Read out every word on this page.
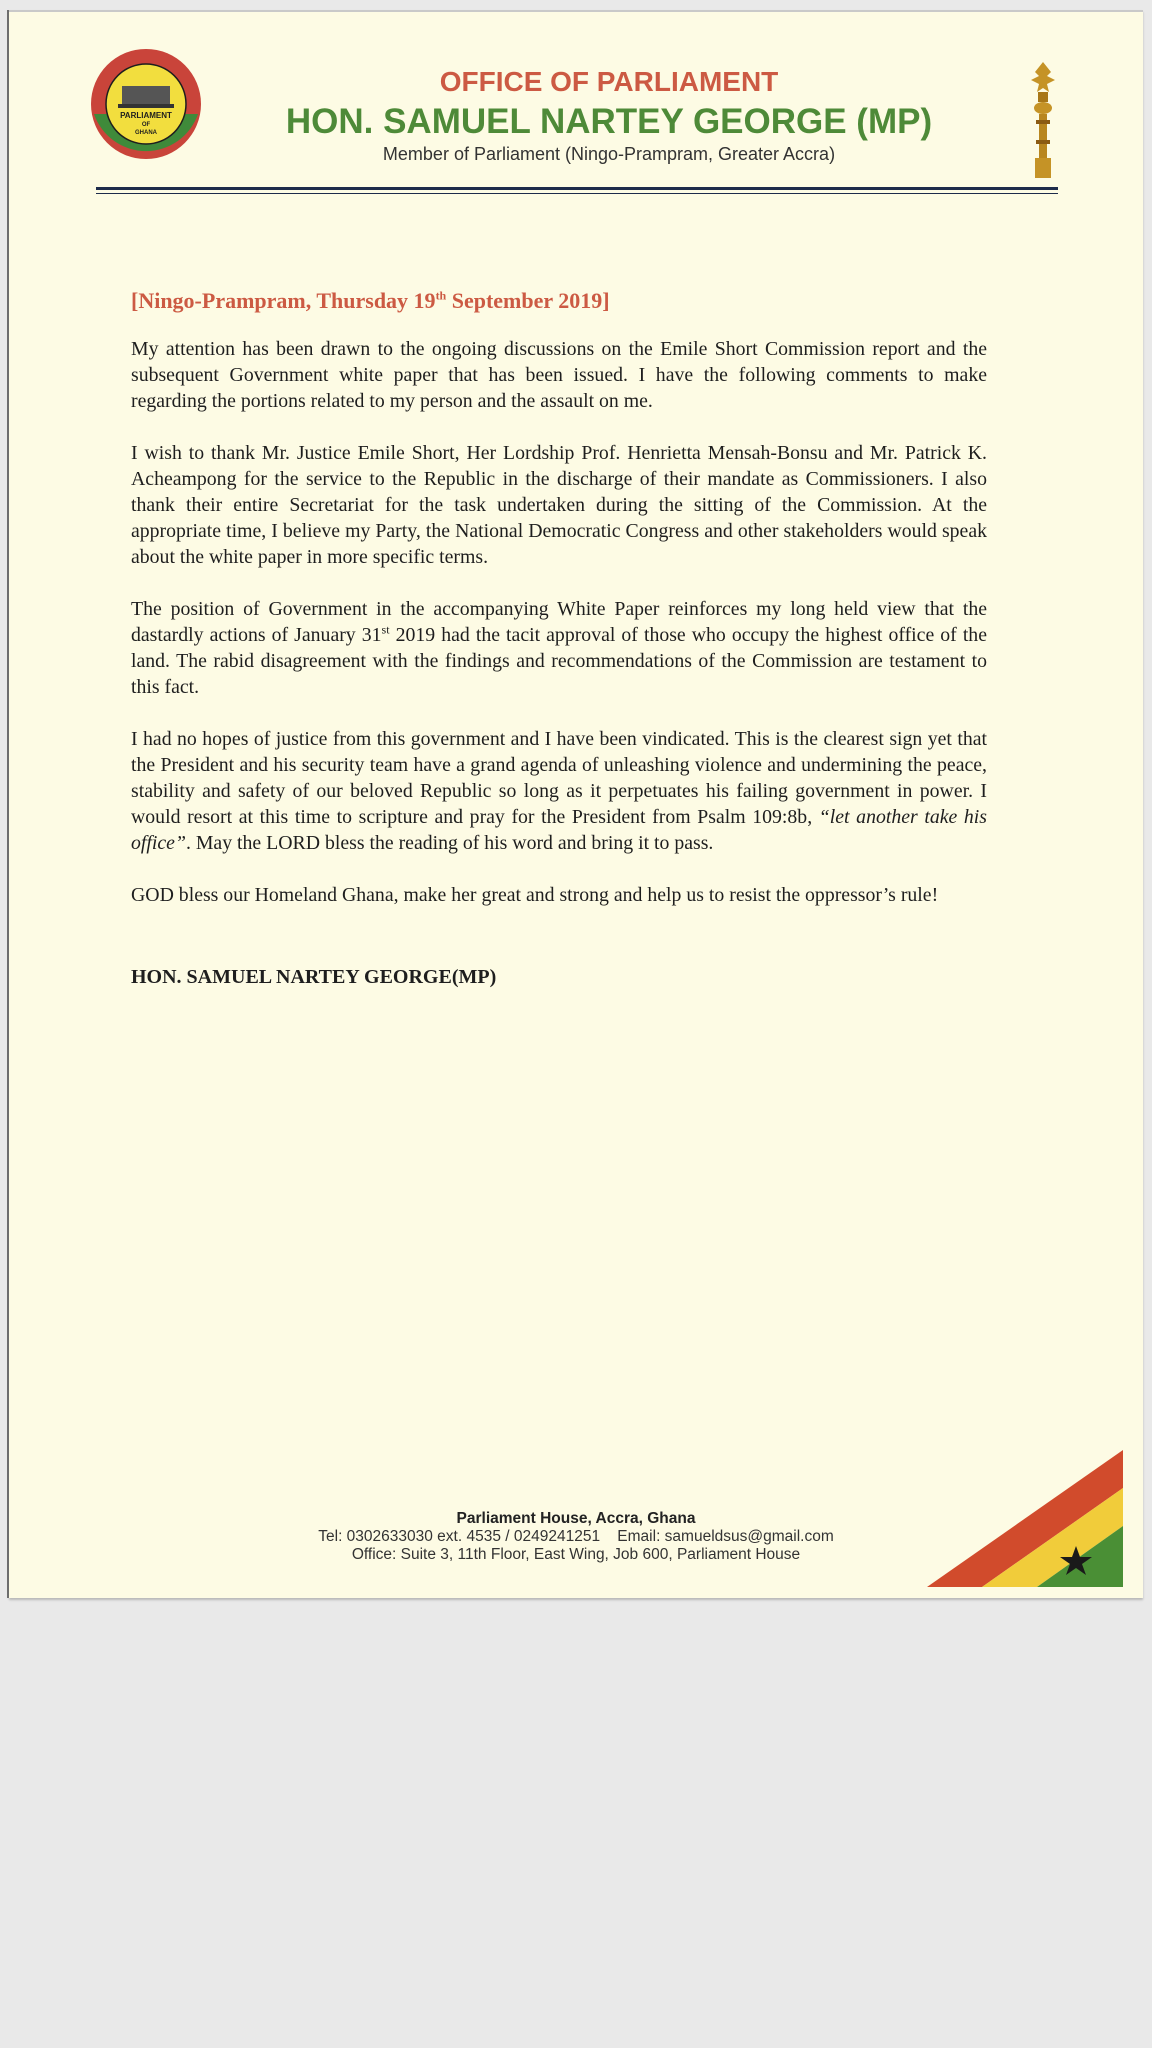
PARLIAMENT
OF
GHANA
OFFICE OF PARLIAMENT
HON. SAMUEL NARTEY GEORGE (MP)
Member of Parliament (Ningo-Prampram, Greater Accra)
[Ningo-Prampram, Thursday 19th September 2019]

My attention has been drawn to the ongoing discussions on the Emile Short Commission report and the subsequent Government white paper that has been issued. I have the following comments to make regarding the portions related to my person and the assault on me.

I wish to thank Mr. Justice Emile Short, Her Lordship Prof. Henrietta Mensah-Bonsu and Mr. Patrick K. Acheampong for the service to the Republic in the discharge of their mandate as Commissioners. I also thank their entire Secretariat for the task undertaken during the sitting of the Commission. At the appropriate time, I believe my Party, the National Democratic Congress and other stakeholders would speak about the white paper in more specific terms.

The position of Government in the accompanying White Paper reinforces my long held view that the dastardly actions of January 31st 2019 had the tacit approval of those who occupy the highest office of the land. The rabid disagreement with the findings and recommendations of the Commission are testament to this fact.

I had no hopes of justice from this government and I have been vindicated. This is the clearest sign yet that the President and his security team have a grand agenda of unleashing violence and undermining the peace, stability and safety of our beloved Republic so long as it perpetuates his failing government in power. I would resort at this time to scripture and pray for the President from Psalm 109:8b, “let another take his office”. May the LORD bless the reading of his word and bring it to pass.

GOD bless our Homeland Ghana, make her great and strong and help us to resist the oppressor’s rule!

HON. SAMUEL NARTEY GEORGE(MP)
Parliament House, Accra, Ghana
Tel: 0302633030 ext. 4535 / 0249241251    Email: samueldsus@gmail.com
Office: Suite 3, 11th Floor, East Wing, Job 600, Parliament House
